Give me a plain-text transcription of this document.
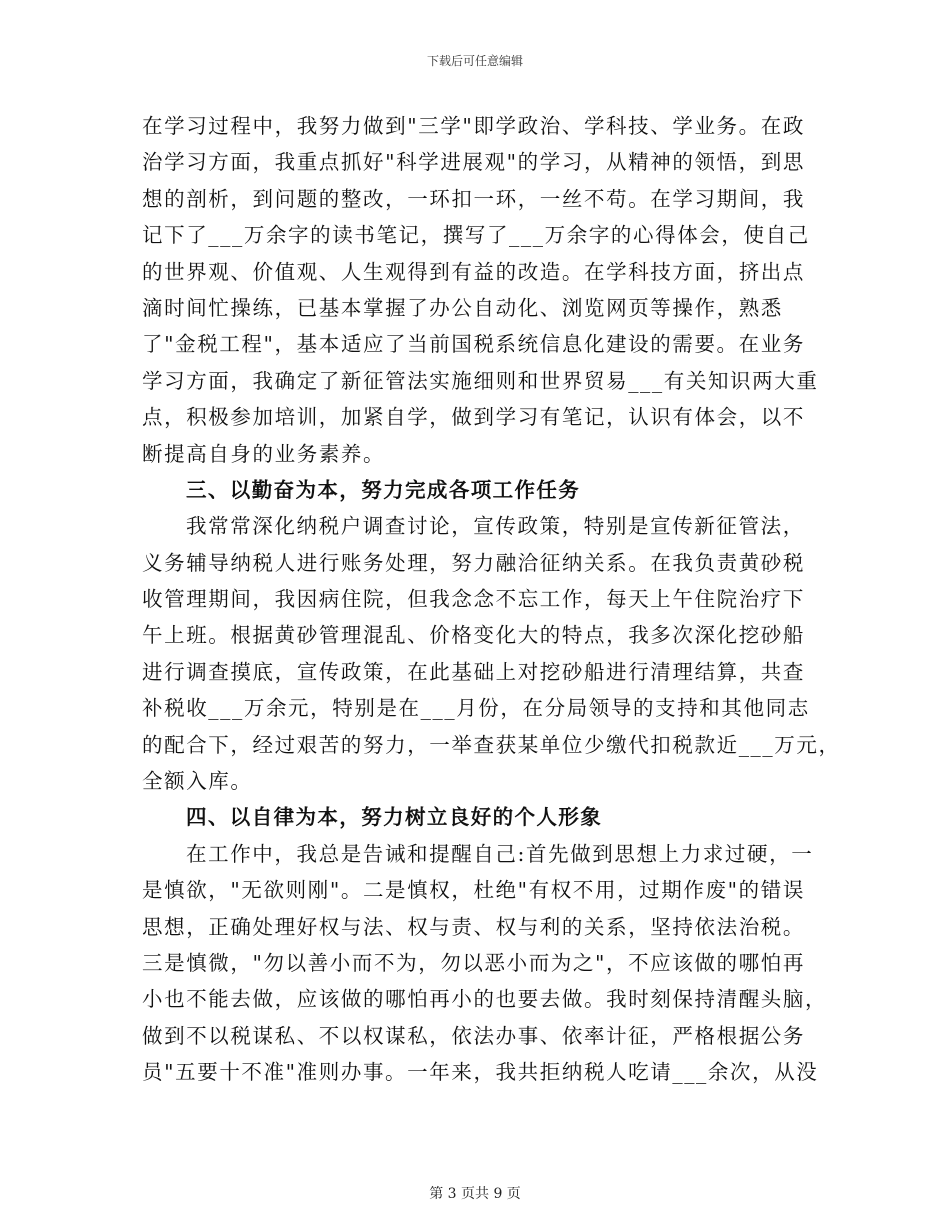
下载后可任意编辑
在学习过程中，我努力做到"三学"即学政治、学科技、学业务。在政
治学习方面，我重点抓好"科学进展观"的学习，从精神的领悟，到思
想的剖析，到问题的整改，一环扣一环，一丝不苟。在学习期间，我
记下了___万余字的读书笔记，撰写了___万余字的心得体会，使自己
的世界观、价值观、人生观得到有益的改造。在学科技方面，挤出点
滴时间忙操练，已基本掌握了办公自动化、浏览网页等操作，熟悉
了"金税工程"，基本适应了当前国税系统信息化建设的需要。在业务
学习方面，我确定了新征管法实施细则和世界贸易___有关知识两大重
点，积极参加培训，加紧自学，做到学习有笔记，认识有体会，以不
断提高自身的业务素养。
三、以勤奋为本，努力完成各项工作任务
我常常深化纳税户调查讨论，宣传政策，特别是宣传新征管法，
义务辅导纳税人进行账务处理，努力融洽征纳关系。在我负责黄砂税
收管理期间，我因病住院，但我念念不忘工作，每天上午住院治疗下
午上班。根据黄砂管理混乱、价格变化大的特点，我多次深化挖砂船
进行调查摸底，宣传政策，在此基础上对挖砂船进行清理结算，共查
补税收___万余元，特别是在___月份，在分局领导的支持和其他同志
的配合下，经过艰苦的努力，一举查获某单位少缴代扣税款近___万元，
全额入库。
四、以自律为本，努力树立良好的个人形象
在工作中，我总是告诫和提醒自己:首先做到思想上力求过硬，一
是慎欲，"无欲则刚"。二是慎权，杜绝"有权不用，过期作废"的错误
思想，正确处理好权与法、权与责、权与利的关系，坚持依法治税。
三是慎微，"勿以善小而不为，勿以恶小而为之"，不应该做的哪怕再
小也不能去做，应该做的哪怕再小的也要去做。我时刻保持清醒头脑，
做到不以税谋私、不以权谋私，依法办事、依率计征，严格根据公务
员"五要十不准"准则办事。一年来，我共拒纳税人吃请___余次，从没
第 3 页共 9 页
